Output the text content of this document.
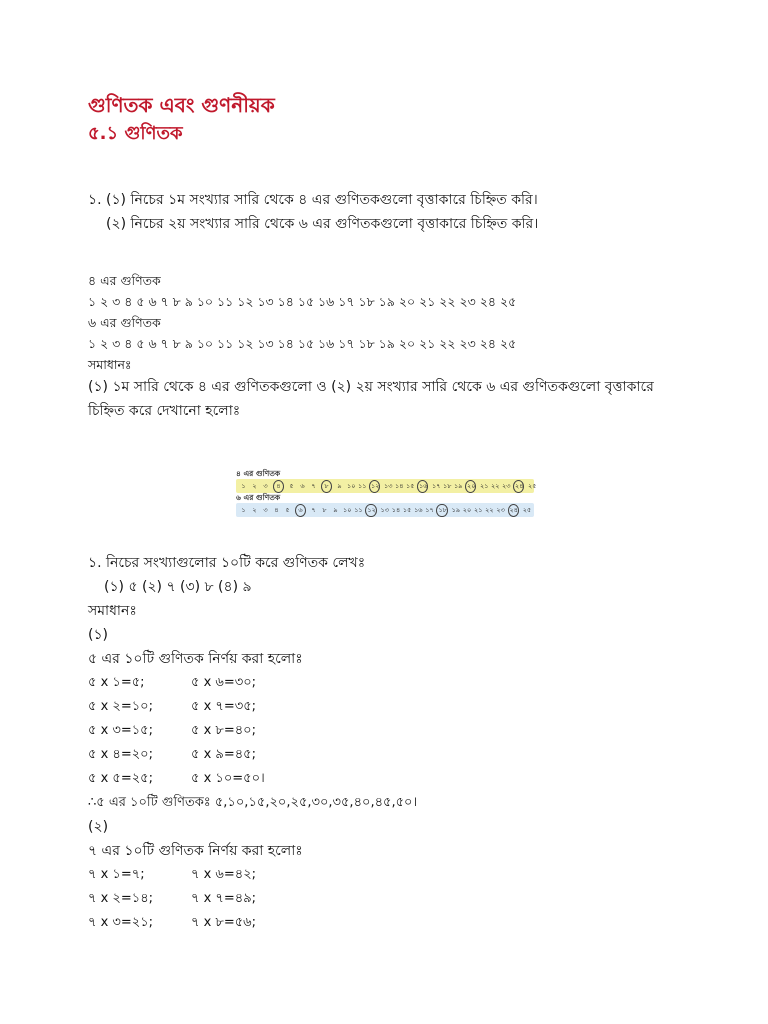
গুণিতক এবং গুণনীয়ক
৫.১ গুণিতক
১. (১) নিচের ১ম সংখ্যার সারি থেকে ৪ এর গুণিতকগুলো বৃত্তাকারে চিহ্নিত করি।
(২) নিচের ২য় সংখ্যার সারি থেকে ৬ এর গুণিতকগুলো বৃত্তাকারে চিহ্নিত করি।
৪ এর গুণিতক
১ ২ ৩ ৪ ৫ ৬ ৭ ৮ ৯ ১০ ১১ ১২ ১৩ ১৪ ১৫ ১৬ ১৭ ১৮ ১৯ ২০ ২১ ২২ ২৩ ২৪ ২৫
৬ এর গুণিতক
১ ২ ৩ ৪ ৫ ৬ ৭ ৮ ৯ ১০ ১১ ১২ ১৩ ১৪ ১৫ ১৬ ১৭ ১৮ ১৯ ২০ ২১ ২২ ২৩ ২৪ ২৫
সমাধানঃ
(১) ১ম সারি থেকে ৪ এর গুণিতকগুলো ও (২) ২য় সংখ্যার সারি থেকে ৬ এর গুণিতকগুলো বৃত্তাকারে চিহ্নিত করে দেখানো হলোঃ
৪ এর গুণিতক
১ ২ ৩	৪	৫ ৬ ৭	৮	৯ ১০ ১১ ১২ ১৩ ১৪ ১৫ ১৬ ১৭ ১৮ ১৯ ২০ ২১ ২২ ২৩ ২৪ ২৫
৬ এর গুণিতক
১ ২ ৩ ৪ ৫	৬	৭ ৮ ৯ ১০ ১১ ১২ ১৩ ১৪ ১৫ ১৬ ১৭ ১৮ ১৯ ২০ ২১ ২২ ২৩ ২৪ ২৫
১. নিচের সংখ্যাগুলোর ১০টি করে গুণিতক লেখঃ
(১) ৫ (২) ৭ (৩) ৮ (৪) ৯
সমাধানঃ
(১)
৫ এর ১০টি গুণিতক নির্ণয় করা হলোঃ
৫ x ১=৫;	৫ x ৬=৩০;
৫ x ২=১০;	৫ x ৭=৩৫;
৫ x ৩=১৫;	৫ x ৮=৪০;
৫ x ৪=২০;	৫ x ৯=৪৫;
৫ x ৫=২৫;	৫ x ১০=৫০।
∴৫ এর ১০টি গুণিতকঃ ৫,১০,১৫,২০,২৫,৩০,৩৫,৪০,৪৫,৫০।
(২)
৭ এর ১০টি গুণিতক নির্ণয় করা হলোঃ
৭ x ১=৭;	৭ x ৬=৪২;
৭ x ২=১৪;	৭ x ৭=৪৯;
৭ x ৩=২১;	৭ x ৮=৫৬;
